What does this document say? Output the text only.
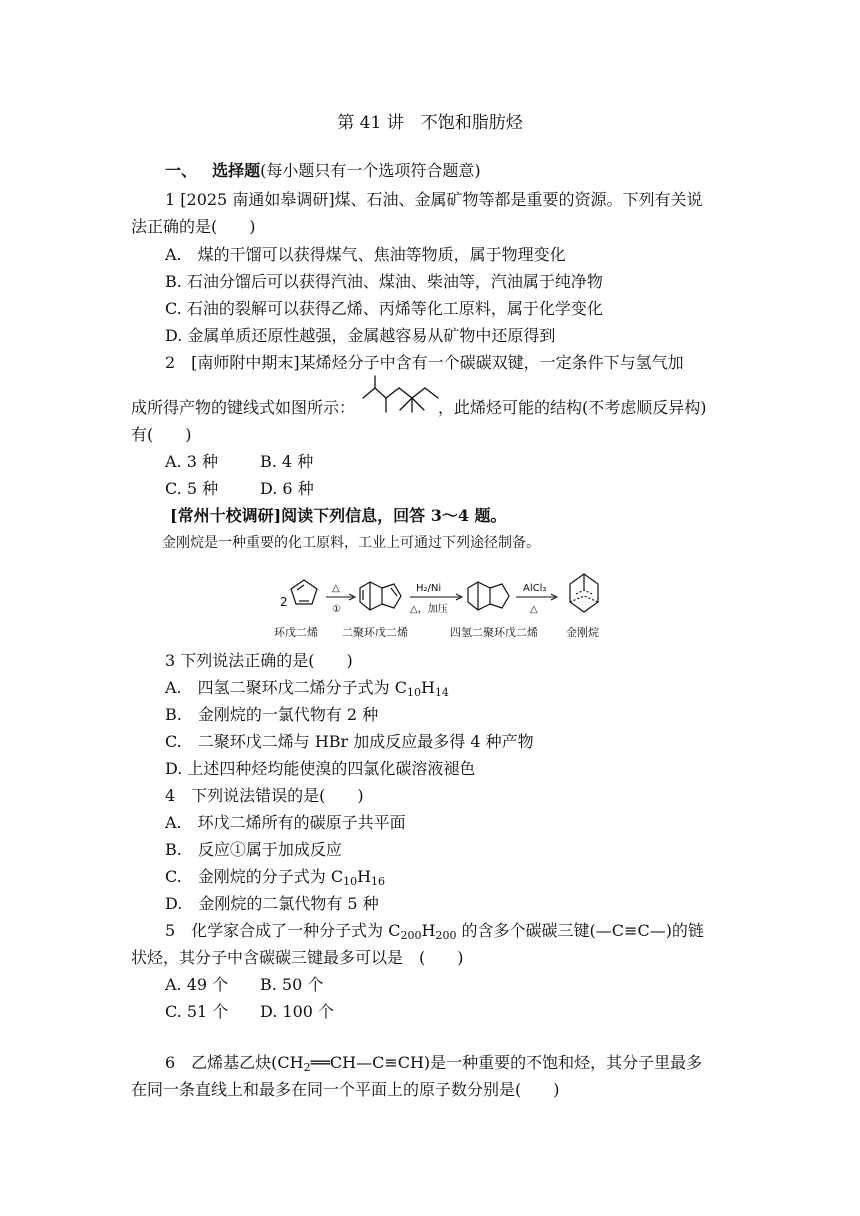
第 41 讲　不饱和脂肪烃
一、 选择题(每小题只有一个选项符合题意)
1 [2025 南通如皋调研]煤、石油、金属矿物等都是重要的资源。下列有关说
法正确的是(　　)
A.　煤的干馏可以获得煤气、焦油等物质，属于物理变化
B. 石油分馏后可以获得汽油、煤油、柴油等，汽油属于纯净物
C. 石油的裂解可以获得乙烯、丙烯等化工原料，属于化学变化
D. 金属单质还原性越强，金属越容易从矿物中还原得到
2　[南师附中期末]某烯烃分子中含有一个碳碳双键，一定条件下与氢气加
成所得产物的键线式如图所示：	，此烯烃可能的结构(不考虑顺反异构)
有(　　)
A. 3 种	B. 4 种
C. 5 种	D. 6 种
[常州十校调研]阅读下列信息，回答 3～4 题。
金刚烷是一种重要的化工原料，工业上可通过下列途径制备。
2
△
①
H₂/Ni
△，加压
AlCl₃
△
环戊二烯 二聚环戊二烯	四氢二聚环戊二烯	金刚烷
3 下列说法正确的是(　　)
A.　四氢二聚环戊二烯分子式为 $C_{10}H_{14}$
B.　金刚烷的一氯代物有 2 种
C.　二聚环戊二烯与 HBr 加成反应最多得 4 种产物
D. 上述四种烃均能使溴的四氯化碳溶液褪色
4　下列说法错误的是(　　)
A.　环戊二烯所有的碳原子共平面
B.　反应①属于加成反应
C.　金刚烷的分子式为 $C_{10}H_{16}$
D.　金刚烷的二氯代物有 5 种
5　化学家合成了一种分子式为 $C_{200}H_{200}$ 的含多个碳碳三键(—C≡C—)的链
状烃，其分子中含碳碳三键最多可以是　(　　)
A. 49 个 B. 50 个
C. 51 个 D. 100 个
6　乙烯基乙炔$(CH_2══CH—C\equiv CH)$是一种重要的不饱和烃，其分子里最多
在同一条直线上和最多在同一个平面上的原子数分别是(　　)
